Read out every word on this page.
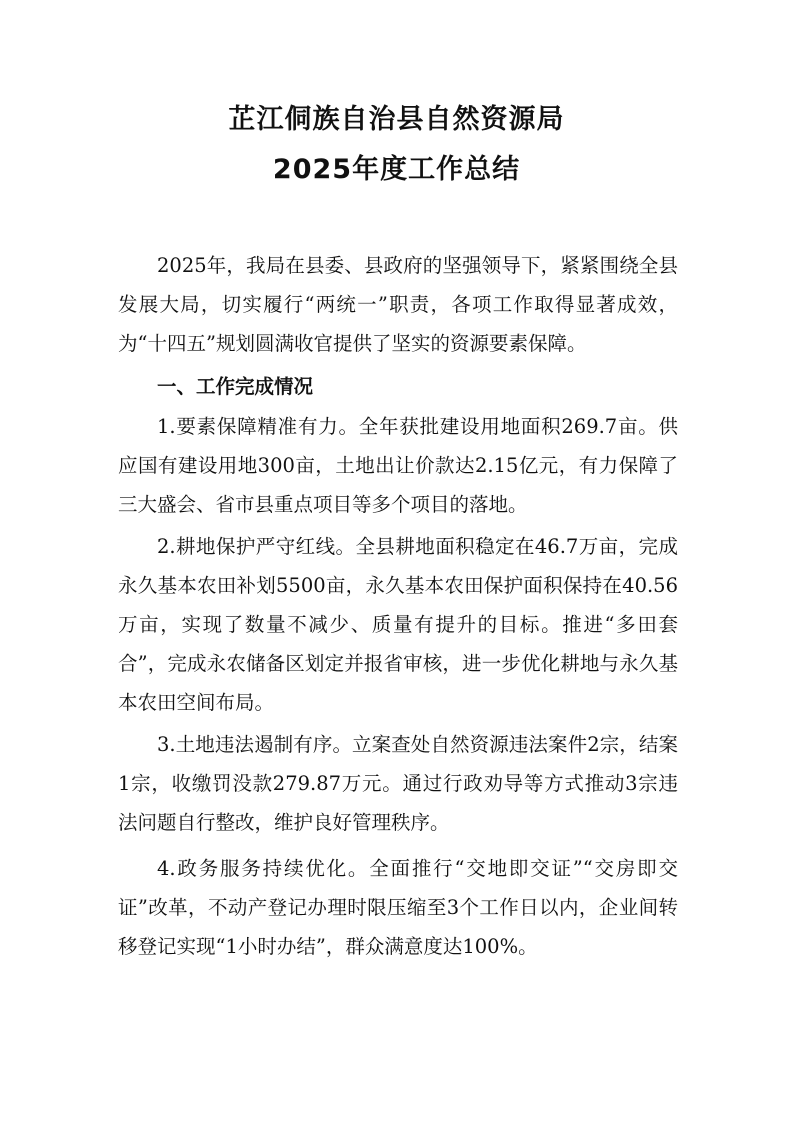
芷江侗族自治县自然资源局
2025年度工作总结

2025年，我局在县委、县政府的坚强领导下，紧紧围绕全县发展大局，切实履行“两统一”职责，各项工作取得显著成效，为“十四五”规划圆满收官提供了坚实的资源要素保障。

一、工作完成情况

1.要素保障精准有力。全年获批建设用地面积269.7亩。供应国有建设用地300亩，土地出让价款达2.15亿元，有力保障了三大盛会、省市县重点项目等多个项目的落地。

2.耕地保护严守红线。全县耕地面积稳定在46.7万亩，完成永久基本农田补划5500亩，永久基本农田保护面积保持在40.56万亩，实现了数量不减少、质量有提升的目标。推进“多田套合”，完成永农储备区划定并报省审核，进一步优化耕地与永久基本农田空间布局。

3.土地违法遏制有序。立案查处自然资源违法案件2宗，结案1宗，收缴罚没款279.87万元。通过行政劝导等方式推动3宗违法问题自行整改，维护良好管理秩序。

4.政务服务持续优化。全面推行“交地即交证”“交房即交证”改革，不动产登记办理时限压缩至3个工作日以内，企业间转移登记实现“1小时办结”，群众满意度达100%。
